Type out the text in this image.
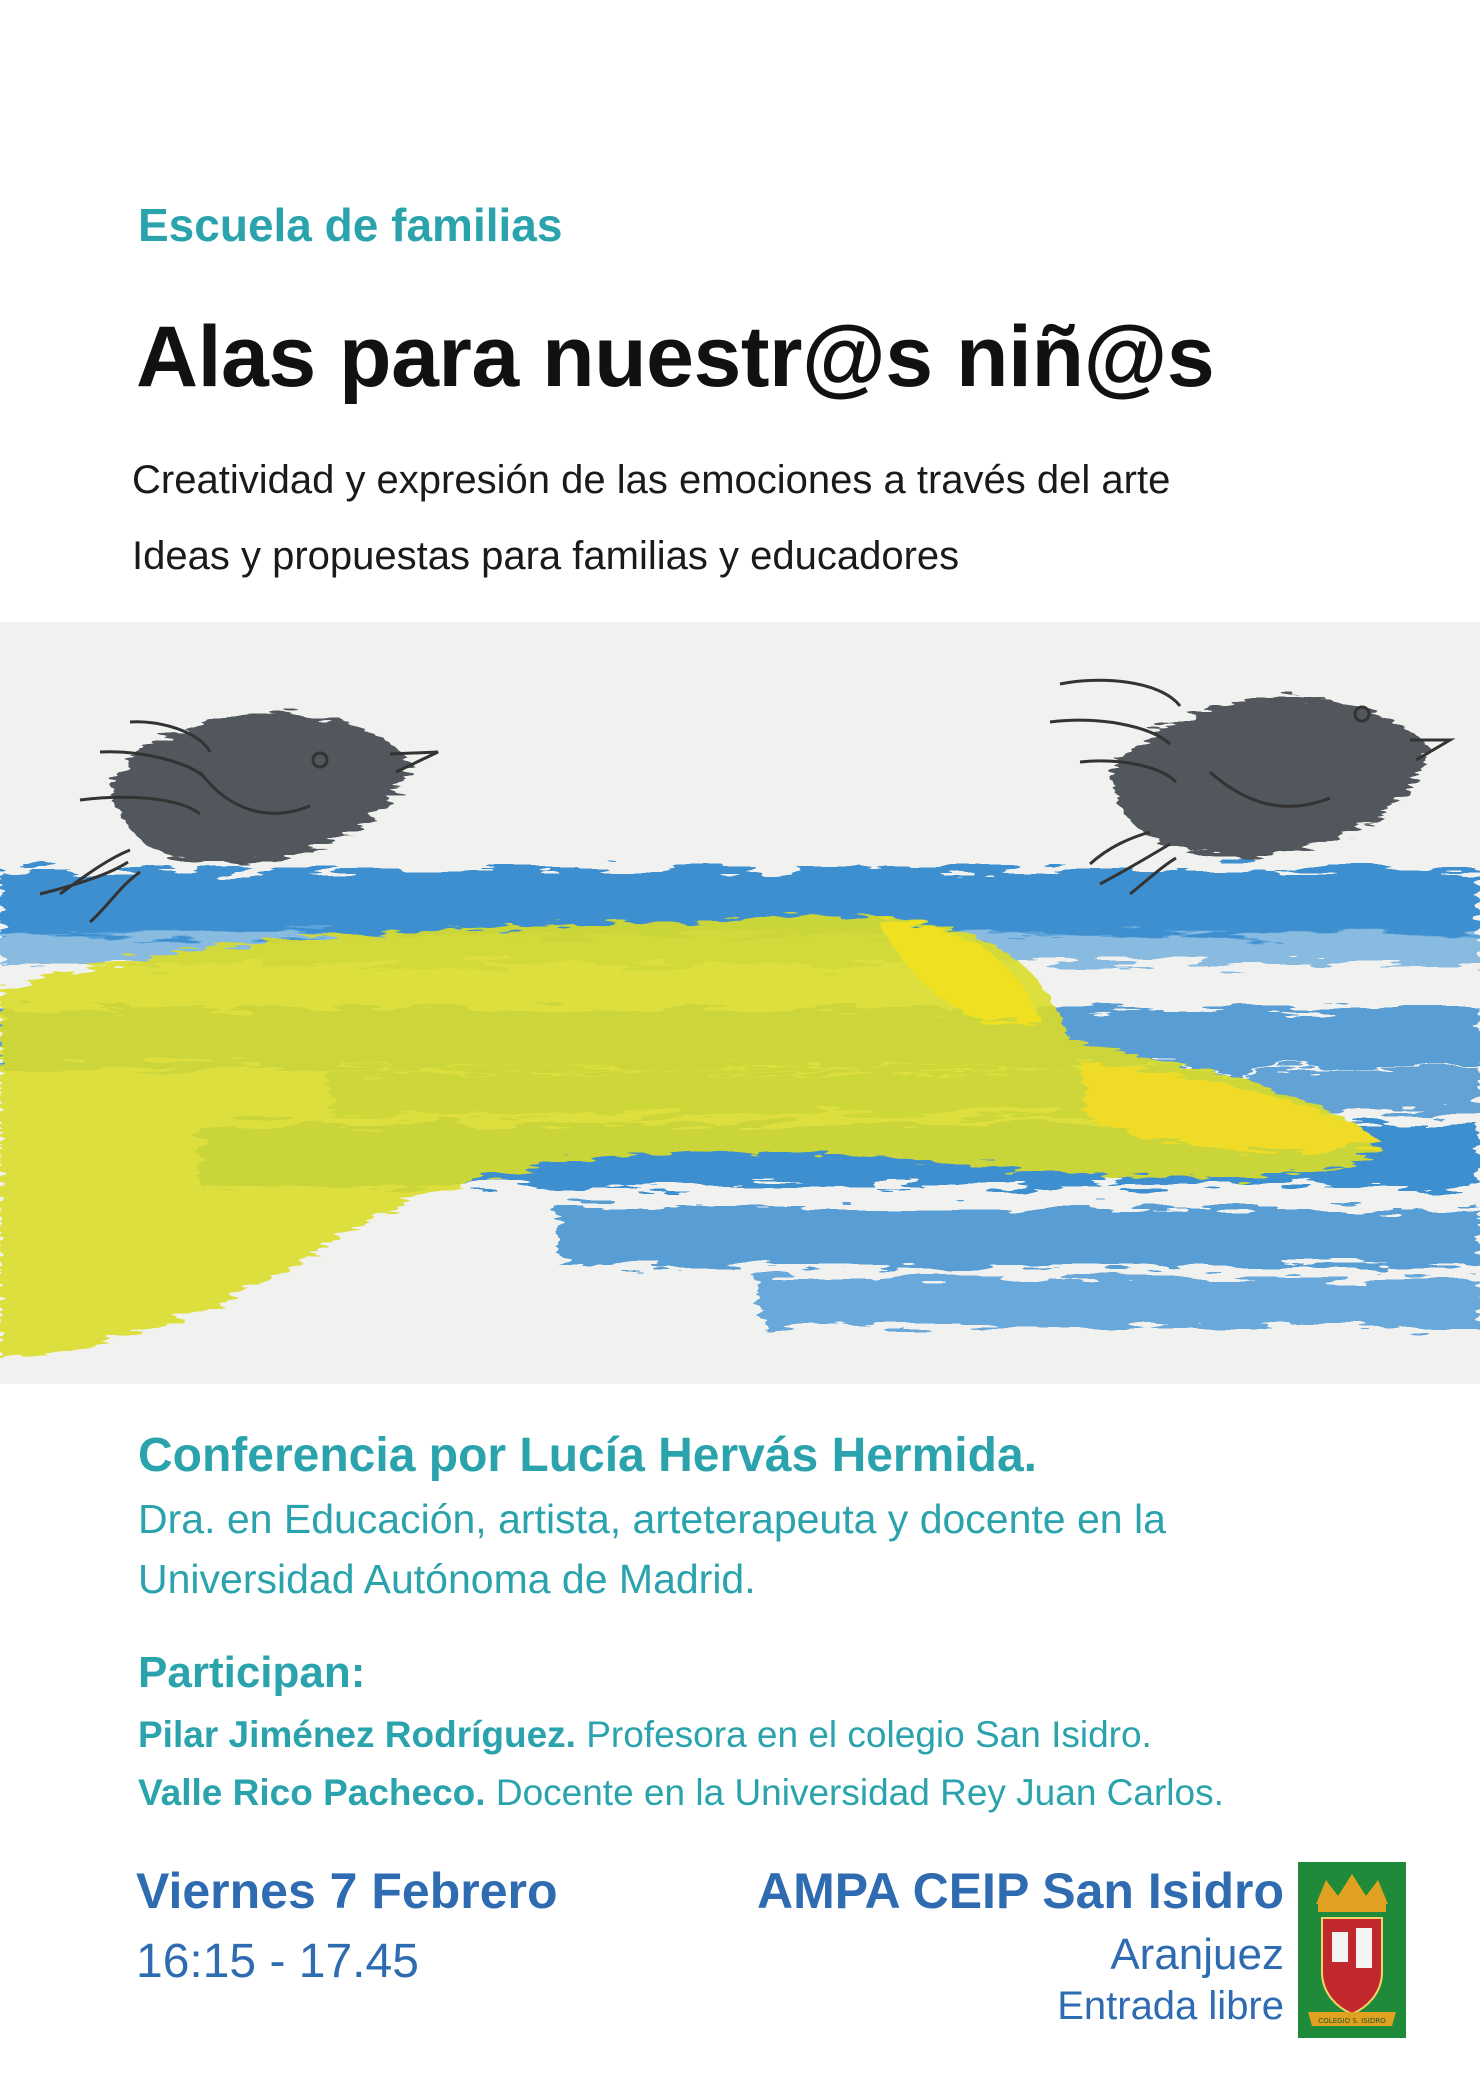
Escuela de familias
Alas para nuestr@s niñ@s
Creatividad y expresión de las emociones a través del arte
Ideas y propuestas para familias y educadores
Conferencia por Lucía Hervás Hermida.
Dra. en Educación, artista, arteterapeuta y docente en la
Universidad Autónoma de Madrid.
Participan:
Pilar Jiménez Rodríguez. Profesora en el colegio San Isidro.
Valle Rico Pacheco. Docente en la Universidad Rey Juan Carlos.
Viernes 7 Febrero
16:15 - 17.45
AMPA CEIP San Isidro
Aranjuez
Entrada libre	COLEGIO S. ISIDRO
